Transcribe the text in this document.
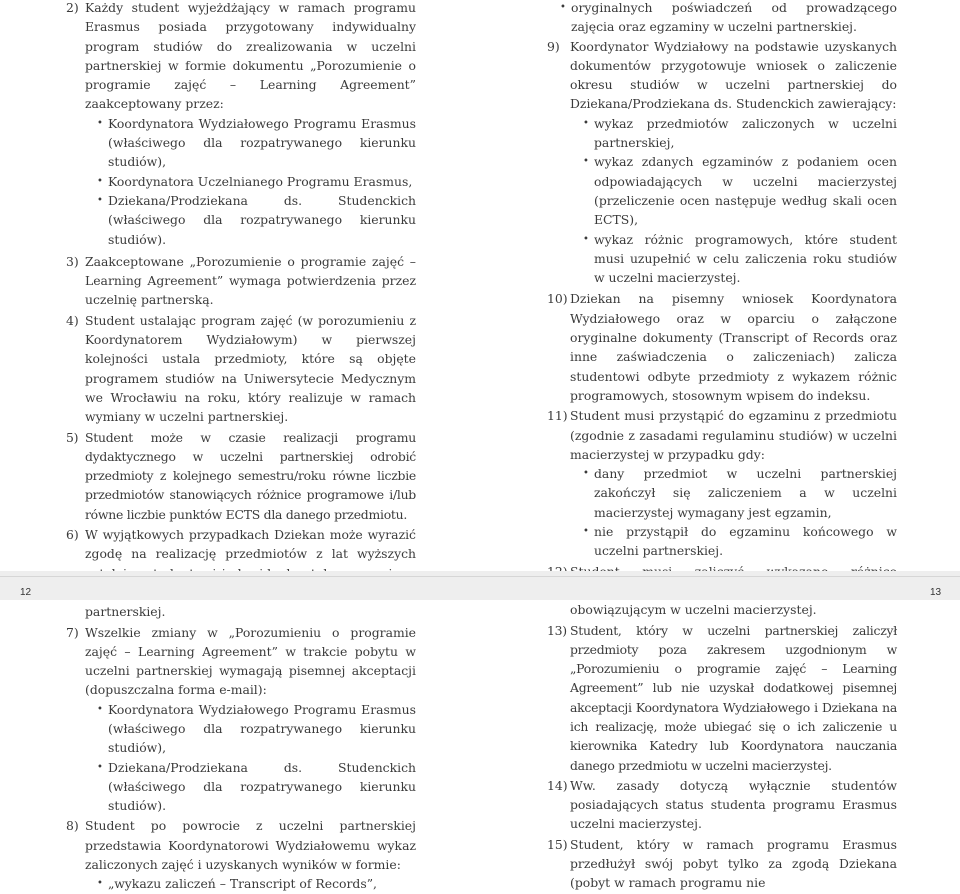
2) Każdy student wyjeżdżający w ramach programu Erasmus posiada przygotowany indywidualny program studiów do zrealizowania w uczelni partnerskiej w formie dokumentu „Porozumienie o programie zajęć – Learning Agreement” zaakceptowany przez:
• Koordynatora Wydziałowego Programu Erasmus (właściwego dla rozpatrywanego kierunku studiów),
• Koordynatora Uczelnianego Programu Erasmus,
• Dziekana/Prodziekana ds. Studenckich (właściwego dla rozpatrywanego kierunku studiów).
3) Zaakceptowane „Porozumienie o programie zajęć – Learning Agreement” wymaga potwierdzenia przez uczelnię partnerską.
4) Student ustalając program zajęć (w porozumieniu z Koordynatorem Wydziałowym) w pierwszej kolejności ustala przedmioty, które są objęte programem studiów na Uniwersytecie Medycznym we Wrocławiu na roku, który realizuje w ramach wymiany w uczelni partnerskiej.
5) Student może w czasie realizacji programu dydaktycznego w uczelni partnerskiej odrobić przedmioty z kolejnego semestru/roku równe liczbie przedmiotów stanowiących różnice programowe i/lub równe liczbie punktów ECTS dla danego przedmiotu.
6) W wyjątkowych przypadkach Dziekan może wyrazić zgodę na realizację przedmiotów z lat wyższych partnerskiej.
7) Wszelkie zmiany w „Porozumieniu o programie zajęć – Learning Agreement” w trakcie pobytu w uczelni partnerskiej wymagają pisemnej akceptacji (dopuszczalna forma e-mail):
• Koordynatora Wydziałowego Programu Erasmus (właściwego dla rozpatrywanego kierunku studiów),
• Dziekana/Prodziekana ds. Studenckich (właściwego dla rozpatrywanego kierunku studiów).
8) Student po powrocie z uczelni partnerskiej przedstawia Koordynatorowi Wydziałowemu wykaz zaliczonych zajęć i uzyskanych wyników w formie:
• „wykazu zaliczeń – Transcript of Records”,
• oryginalnych poświadczeń od prowadzącego zajęcia oraz egzaminy w uczelni partnerskiej.
9) Koordynator Wydziałowy na podstawie uzyskanych dokumentów przygotowuje wniosek o zaliczenie okresu studiów w uczelni partnerskiej do Dziekana/Prodziekana ds. Studenckich zawierający:
• wykaz przedmiotów zaliczonych w uczelni partnerskiej,
• wykaz zdanych egzaminów z podaniem ocen odpowiadających w uczelni macierzystej (przeliczenie ocen następuje według skali ocen ECTS),
• wykaz różnic programowych, które student musi uzupełnić w celu zaliczenia roku studiów w uczelni macierzystej.
10) Dziekan na pisemny wniosek Koordynatora Wydziałowego oraz w oparciu o załączone oryginalne dokumenty (Transcript of Records oraz inne zaświadczenia o zaliczeniach) zalicza studentowi odbyte przedmioty z wykazem różnic programowych, stosownym wpisem do indeksu.
11) Student musi przystąpić do egzaminu z przedmiotu (zgodnie z zasadami regulaminu studiów) w uczelni macierzystej w przypadku gdy:
• dany przedmiot w uczelni partnerskiej zakończył się zaliczeniem a w uczelni macierzystej wymagany jest egzamin,
• nie przystąpił do egzaminu końcowego w uczelni partnerskiej.
obowiązującym w uczelni macierzystej.
13) Student, który w uczelni partnerskiej zaliczył przedmioty poza zakresem uzgodnionym w „Porozumieniu o programie zajęć – Learning Agreement” lub nie uzyskał dodatkowej pisemnej akceptacji Koordynatora Wydziałowego i Dziekana na ich realizację, może ubiegać się o ich zaliczenie u kierownika Katedry lub Koordynatora nauczania danego przedmiotu w uczelni macierzystej.
14) Ww. zasady dotyczą wyłącznie studentów posiadających status studenta programu Erasmus uczelni macierzystej.
15) Student, który w ramach programu Erasmus przedłużył swój pobyt tylko za zgodą Dziekana (pobyt w ramach programu nie
12	13
